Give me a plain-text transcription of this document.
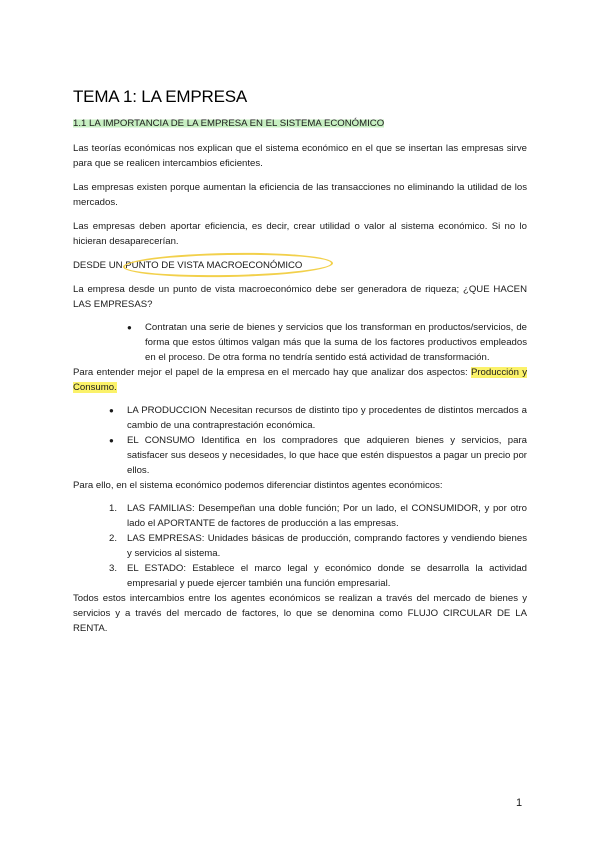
TEMA 1: LA EMPRESA
1.1 LA IMPORTANCIA DE LA EMPRESA EN EL SISTEMA ECONÓMICO

Las teorías económicas nos explican que el sistema económico en el que se insertan las empresas sirve para que se realicen intercambios eficientes.

Las empresas existen porque aumentan la eficiencia de las transacciones no eliminando la utilidad de los mercados.

Las empresas deben aportar eficiencia, es decir, crear utilidad o valor al sistema económico. Si no lo hicieran desaparecerían.

DESDE UN PUNTO DE VISTA MACROECONÓMICO

La empresa desde un punto de vista macroeconómico debe ser generadora de riqueza; ¿QUE HACEN LAS EMPRESAS?

● Contratan una serie de bienes y servicios que los transforman en productos/servicios, de forma que estos últimos valgan más que la suma de los factores productivos empleados en el proceso. De otra forma no tendría sentido está actividad de transformación.

Para entender mejor el papel de la empresa en el mercado hay que analizar dos aspectos: Producción y Consumo.

● LA PRODUCCION Necesitan recursos de distinto tipo y procedentes de distintos mercados a cambio de una contraprestación económica.
● EL CONSUMO Identifica en los compradores que adquieren bienes y servicios, para satisfacer sus deseos y necesidades, lo que hace que estén dispuestos a pagar un precio por ellos.

Para ello, en el sistema económico podemos diferenciar distintos agentes económicos:

1. LAS FAMILIAS: Desempeñan una doble función; Por un lado, el CONSUMIDOR, y por otro lado el APORTANTE de factores de producción a las empresas.
2. LAS EMPRESAS: Unidades básicas de producción, comprando factores y vendiendo bienes y servicios al sistema.
3. EL ESTADO: Establece el marco legal y económico donde se desarrolla la actividad empresarial y puede ejercer también una función empresarial.

Todos estos intercambios entre los agentes económicos se realizan a través del mercado de bienes y servicios y a través del mercado de factores, lo que se denomina como FLUJO CIRCULAR DE LA RENTA.

1
